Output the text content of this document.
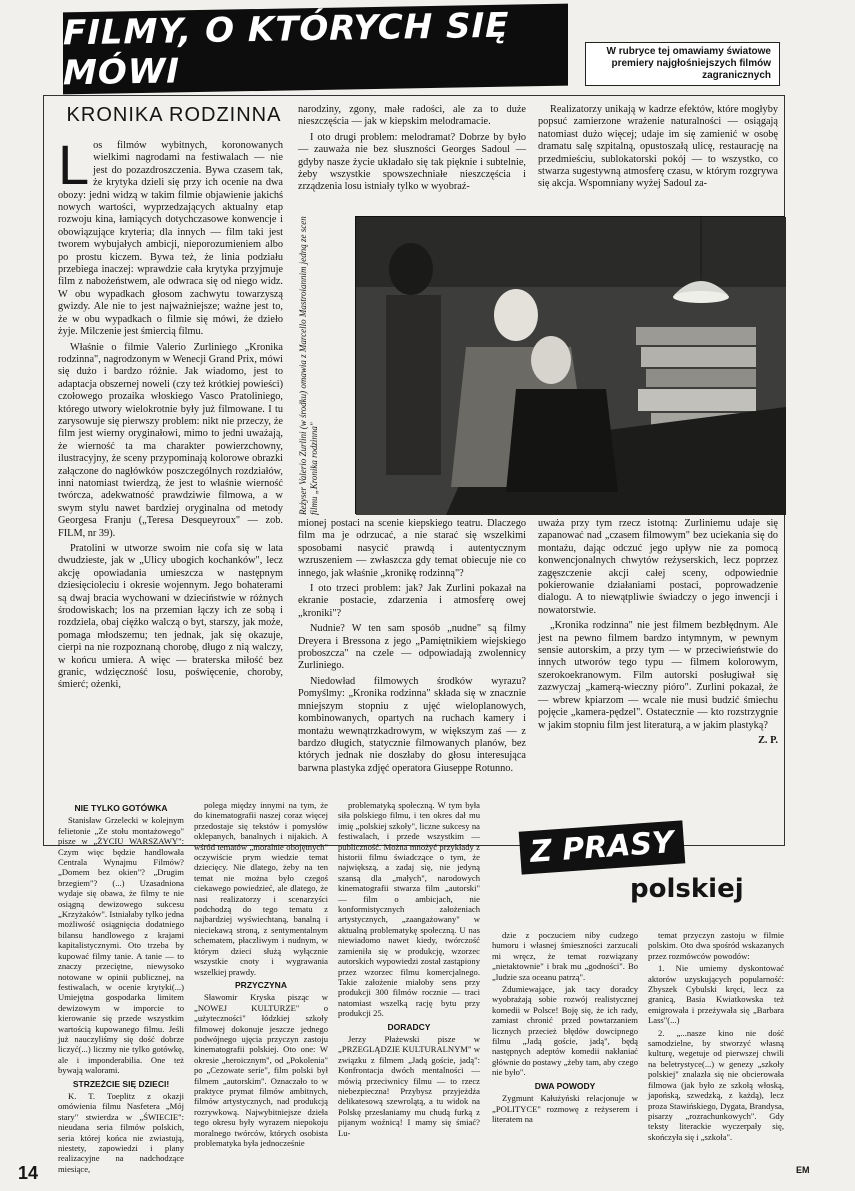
FILMY, O KTÓRYCH SIĘ MÓWI	W rubryce tej omawiamy światowe premiery najgłośniejszych filmów zagranicznych
KRONIKA RODZINNA
L os filmów wybitnych, koronowanych wielkimi nagrodami na festiwalach — nie jest do pozazdroszczenia. Bywa czasem tak, że krytyka dzieli się przy ich ocenie na dwa obozy: jedni widzą w takim filmie objawienie jakichś nowych wartości, wyprzedzających aktualny etap rozwoju kina, łamiących dotychczasowe konwencje i obowiązujące kryteria; dla innych — film taki jest tworem wybujałych ambicji, nieporozumieniem albo po prostu kiczem. Bywa też, że linia podziału przebiega inaczej: wprawdzie cała krytyka przyjmuje film z nabożeństwem, ale odwraca się od niego widz. W obu wypadkach głosom zachwytu towarzyszą gwizdy. Ale nie to jest najważniejsze; ważne jest to, że w obu wypadkach o filmie się mówi, że dzieło żyje. Milczenie jest śmiercią filmu.

Właśnie o filmie Valerio Zurliniego „Kronika rodzinna", nagrodzonym w Wenecji Grand Prix, mówi się dużo i bardzo różnie. Jak wiadomo, jest to adaptacja obszernej noweli (czy też krótkiej powieści) czołowego prozaika włoskiego Vasco Pratoliniego, którego utwory wielokrotnie były już filmowane. I tu zarysowuje się pierwszy problem: nikt nie przeczy, że film jest wierny oryginałowi, mimo to jedni uważają, że wierność ta ma charakter powierzchowny, ilustracyjny, że sceny przypominają kolorowe obrazki załączone do nagłówków poszczególnych rozdziałów, inni natomiast twierdzą, że jest to właśnie wierność twórcza, adekwatność prawdziwie filmowa, a w swym stylu nawet bardziej oryginalna od metody Georgesa Franju („Teresa Desqueyroux" — zob. FILM, nr 39).

Pratolini w utworze swoim nie cofa się w lata dwudzieste, jak w „Ulicy ubogich kochanków", lecz akcję opowiadania umieszcza w następnym dziesięcioleciu i okresie wojennym. Jego bohaterami są dwaj bracia wychowani w dzieciństwie w różnych środowiskach; los na przemian łączy ich ze sobą i rozdziela, obaj ciężko walczą o byt, starszy, jak może, pomaga młodszemu; ten jednak, jak się okazuje, cierpi na nie rozpoznaną chorobę, długo z nią walczy, w końcu umiera. A więc — braterska miłość bez granic, wdzięczność losu, poświęcenie, choroby, śmierć; ożenki,

narodziny, zgony, małe radości, ale za to duże nieszczęścia — jak w kiepskim melodramacie.

I oto drugi problem: melodramat? Dobrze by było — zauważa nie bez słuszności Georges Sadoul — gdyby nasze życie układało się tak pięknie i subtelnie, żeby wszystkie spowszechniałe nieszczęścia i zrządzenia losu istniały tylko w wyobraź-

Realizatorzy unikają w kadrze efektów, które mogłyby popsuć zamierzone wrażenie naturalności — osiągają natomiast dużo więcej; udaje im się zamienić w osobę dramatu salę szpitalną, opustoszałą ulicę, restaurację na przedmieściu, sublokatorski pokój — to wszystko, co stwarza sugestywną atmosferę czasu, w którym rozgrywa się akcja. Wspomniany wyżej Sadoul za-

Reżyser Valerio Zurlini (w środku) omawia z Marcello Mastroiannim jedną ze scen filmu „Kronika rodzinna"

mionej postaci na scenie kiepskiego teatru. Dlaczego film ma je odrzucać, a nie starać się wszelkimi sposobami nasycić prawdą i autentycznym wzruszeniem — zwłaszcza gdy temat obiecuje nie co innego, jak właśnie „kronikę rodzinną"?

I oto trzeci problem: jak? Jak Zurlini pokazał na ekranie postacie, zdarzenia i atmosferę owej „kroniki"?

Nudnie? W ten sam sposób „nudne" są filmy Dreyera i Bressona z jego „Pamiętnikiem wiejskiego proboszcza" na czele — odpowiadają zwolennicy Zurliniego.

Niedowład filmowych środków wyrazu? Pomyślmy: „Kronika rodzinna" składa się w znacznie mniejszym stopniu z ujęć wieloplanowych, kombinowanych, opartych na ruchach kamery i montażu wewnątrzkadrowym, w większym zaś — z bardzo długich, statycznie filmowanych planów, bez których jednak nie doszłaby do głosu interesująca barwna plastyka zdjęć operatora Giuseppe Rotunno.

uważa przy tym rzecz istotną: Zurliniemu udaje się zapanować nad „czasem filmowym" bez uciekania się do montażu, dając odczuć jego upływ nie za pomocą konwencjonalnych chwytów reżyserskich, lecz poprzez zagęszczenie akcji całej sceny, odpowiednie pokierowanie działaniami postaci, poprowadzenie dialogu. A to niewątpliwie świadczy o jego inwencji i nowatorstwie.

„Kronika rodzinna" nie jest filmem bezbłędnym. Ale jest na pewno filmem bardzo intymnym, w pewnym sensie autorskim, a przy tym — w przeciwieństwie do innych utworów tego typu — filmem kolorowym, szerokoekranowym. Film autorski posługiwał się zazwyczaj „kamerą-wieczny pióro". Zurlini pokazał, że — wbrew kpiarzom — wcale nie musi budzić śmiechu pojęcie „kamera-pędzel". Ostatecznie — kto rozstrzygnie w jakim stopniu film jest literaturą, a w jakim plastyką?

Z. P.

NIE TYLKO GOTÓWKA

Stanisław Grzelecki w kolejnym felietonie „Ze stołu montażowego" pisze w „ŻYCIU WARSZAWY": Czym więc będzie handlowała Centrala Wynajmu Filmów? „Domem bez okien"? „Drugim brzegiem"? (...) Uzasadniona wydaje się obawa, że filmy te nie osiągną dewizowego sukcesu „Krzyżaków". Istniałaby tylko jedna możliwość osiągnięcia dodatniego bilansu handlowego z krajami kapitalistycznymi. Oto trzeba by kupować filmy tanie. A tanie — to znaczy przeciętne, niewysoko notowane w opinii publicznej, na festiwalach, w ocenie krytyki(...) Umiejętna gospodarka limitem dewizowym w imporcie to kierowanie się przede wszystkim wartością kupowanego filmu. Jeśli już nauczyliśmy się dość dobrze liczyć(...) liczmy nie tylko gotówkę, ale i imponderabilia. One też bywają walorami.

STRZEŻCIE SIĘ DZIECI!

K. T. Toeplitz z okazji omówienia filmu Nasfetera „Mój stary" stwierdza w „ŚWIECIE": nieudana seria filmów polskich, seria której końca nie zwiastują, niestety, zapowiedzi i plany realizacyjne na nadchodzące miesiące,

polega między innymi na tym, że do kinematografii naszej coraz więcej przedostaje się tekstów i pomysłów oklepanych, banalnych i nijakich. A wśród tematów „moralnie obojętnych" oczywiście prym wiedzie temat dziecięcy. Nie dlatego, żeby na ten temat nie można było czegoś ciekawego powiedzieć, ale dlatego, że nasi realizatorzy i scenarzyści podchodzą do tego tematu z najbardziej wyświechtaną, banalną i nieciekawą stroną, z sentymentalnym schematem, płaczliwym i nudnym, w którym dzieci służą wyłącznie wszystkie cnoty i wygrawania wszelkiej prawdy.

PRZYCZYNA

Sławomir Kryska pisząc w „NOWEJ KULTURZE" o „użyteczności" łódzkiej szkoły filmowej dokonuje jeszcze jednego podwójnego ujęcia przyczyn zastoju kinematografii polskiej. Oto one: W okresie „heroicznym", od „Pokolenia" po „Cezowate serie", film polski był filmem „autorskim". Oznaczało to w praktyce prymat filmów ambitnych, filmów artystycznych, nad produkcją rozrywkową. Najwybitniejsze dzieła tego okresu były wyrazem niepokoju moralnego twórców, których osobista problematyka była jednocześnie

problematyką społeczną. W tym była siła polskiego filmu, i ten okres dał mu imię „polskiej szkoły", liczne sukcesy na festiwalach, i przede wszystkim — publiczność. Można mnożyć przykłady z historii filmu świadczące o tym, że największą, a zadaj się, nie jedyną szansą dla „małych", narodowych kinematografii stwarza film „autorski" — film o ambicjach, nie konformistycznych założeniach artystycznych, „zaangażowany" w aktualną problematykę społeczną. U nas niewiadomo nawet kiedy, twórczość zamieniła się w produkcję, wzorzec autorskich wypowiedzi został zastąpiony przez wzorzec filmu komercjalnego. Takie założenie miałoby sens przy produkcji 300 filmów rocznie — traci natomiast wszelką rację bytu przy produkcji 25.

DORADCY

Jerzy Płażewski pisze w „PRZEGLĄDZIE KULTURALNYM" w związku z filmem „Jadą goście, jadą": Konfrontacja dwóch mentalności — mówią przeciwnicy filmu — to rzecz niebezpieczna! Przybysz przyjeżdża delikatesową szewrolątą, a tu widok na Polskę przesłaniamy mu chudą furką z pijanym woźnicą! I mamy się śmiać? Lu-

dzie z poczuciem niby cudzego humoru i własnej śmieszności zarzucali mi wręcz, że temat rozwiązany „nietaktownie" i brak mu „godności". Bo „ludzie sza oceanu patrzą".

Zdumiewające, jak tacy doradcy wyobrażają sobie rozwój realistycznej komedii w Polsce! Boję się, że ich rady, zamiast chronić przed powtarzaniem licznych przecież błędów dowcipnego filmu „Jadą goście, jadą", będą następnych adeptów komedii nakłaniać głównie do postawy „żeby tam, aby czego nie było".

DWA POWODY

Zygmunt Kałużyński relacjonuje w „POLITYCE" rozmowę z reżyserem i literatem na

temat przyczyn zastoju w filmie polskim. Oto dwa spośród wskazanych przez rozmówców powodów:

1. Nie umiemy dyskontować aktorów uzyskujących popularność: Zbyszek Cybulski kręci, lecz za granicą, Basia Kwiatkowska też emigrowała i przeżywała się „Barbara Lass"(...)

2. „...nasze kino nie dość samodzielne, by stworzyć własną kulturę, wegetuje od pierwszej chwili na beletrystyce(...) w genezy „szkoły polskiej" znalazła się nie obcierowała filmowa (jak było ze szkołą włoską, japońską, szwedzką, z każdą), lecz proza Stawińskiego, Dygata, Brandysa, pisarzy „rozrachunkowych". Gdy teksty literackie wyczerpały się, skończyła się i „szkoła".

Z PRASY
polskiej
14	EM
